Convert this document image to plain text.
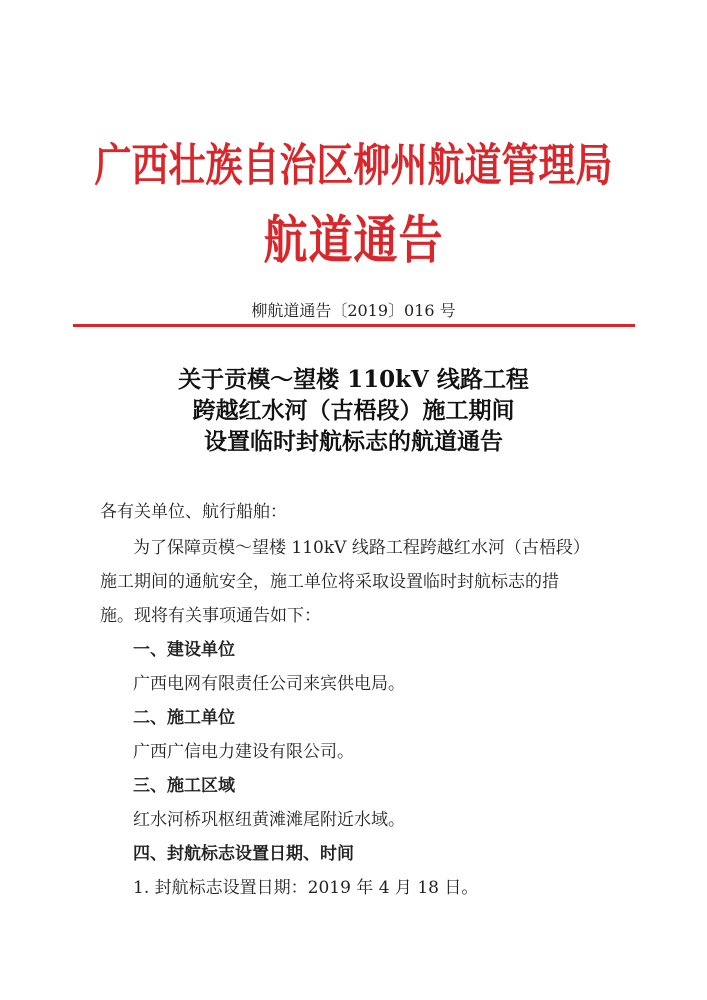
广西壮族自治区柳州航道管理局
航道通告
柳航道通告〔2019〕016 号
关于贡模～望楼 110kV 线路工程
跨越红水河（古梧段）施工期间
设置临时封航标志的航道通告
各有关单位、航行船舶：
为了保障贡模～望楼 110kV 线路工程跨越红水河（古梧段）
施工期间的通航安全，施工单位将采取设置临时封航标志的措
施。现将有关事项通告如下：
一、建设单位
广西电网有限责任公司来宾供电局。
二、施工单位
广西广信电力建设有限公司。
三、施工区域
红水河桥巩枢纽黄滩滩尾附近水域。
四、封航标志设置日期、时间
1. 封航标志设置日期：2019 年 4 月 18 日。
